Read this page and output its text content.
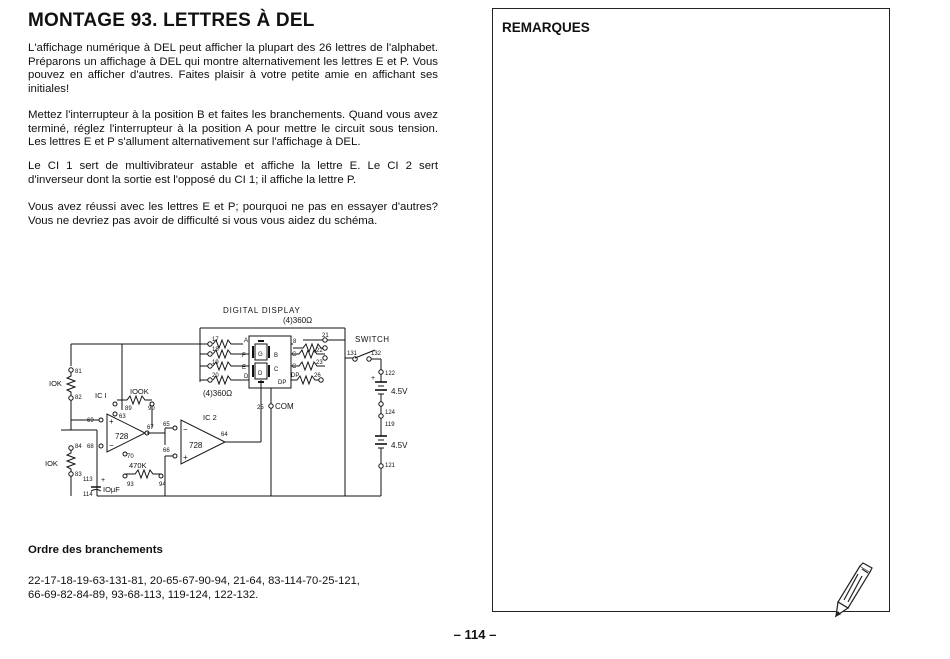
MONTAGE 93. LETTRES À DEL

L'affichage numérique à DEL peut afficher la plupart des 26 lettres de l'alphabet. Préparons un affichage à DEL qui montre alternativement les lettres E et P. Vous pouvez en afficher d'autres. Faites plaisir à votre petite amie en affichant ses initiales!

Mettez l'interrupteur à la position B et faites les branchements. Quand vous avez terminé, réglez l'interrupteur à la position A pour mettre le circuit sous tension. Les lettres E et P s'allument alternativement sur l'affichage à DEL.

Le CI 1 sert de multivibrateur astable et affiche la lettre E. Le CI 2 sert d'inverseur dont la sortie est l'opposé du CI 1; il affiche la lettre P.

Vous avez réussi avec les lettres E et P; pourquoi ne pas en essayer d'autres? Vous ne devriez pas avoir de difficulté si vous vous aidez du schéma.

DIGITAL DISPLAY
(4)360Ω
17
18
19
20
A
F
E
D
(4)360Ω
G
D
B
C
DP
8
21
22
23
26
G
C
DP
SWITCH
131 132
122
+
4.5V
124
119
4.5V
121
25 COM
81
IOK
82 IC I	IOOK
89	90
728
+
−
69
63
68
67
84
IOK
83
70
470K
93	94
113 +
IOμF
114
IC 2
728
−
+
65
66
64
Ordre des branchements
22-17-18-19-63-131-81, 20-65-67-90-94, 21-64, 83-114-70-25-121,
66-69-82-84-89, 93-68-113, 119-124, 122-132.
REMARQUES
– 114 –
